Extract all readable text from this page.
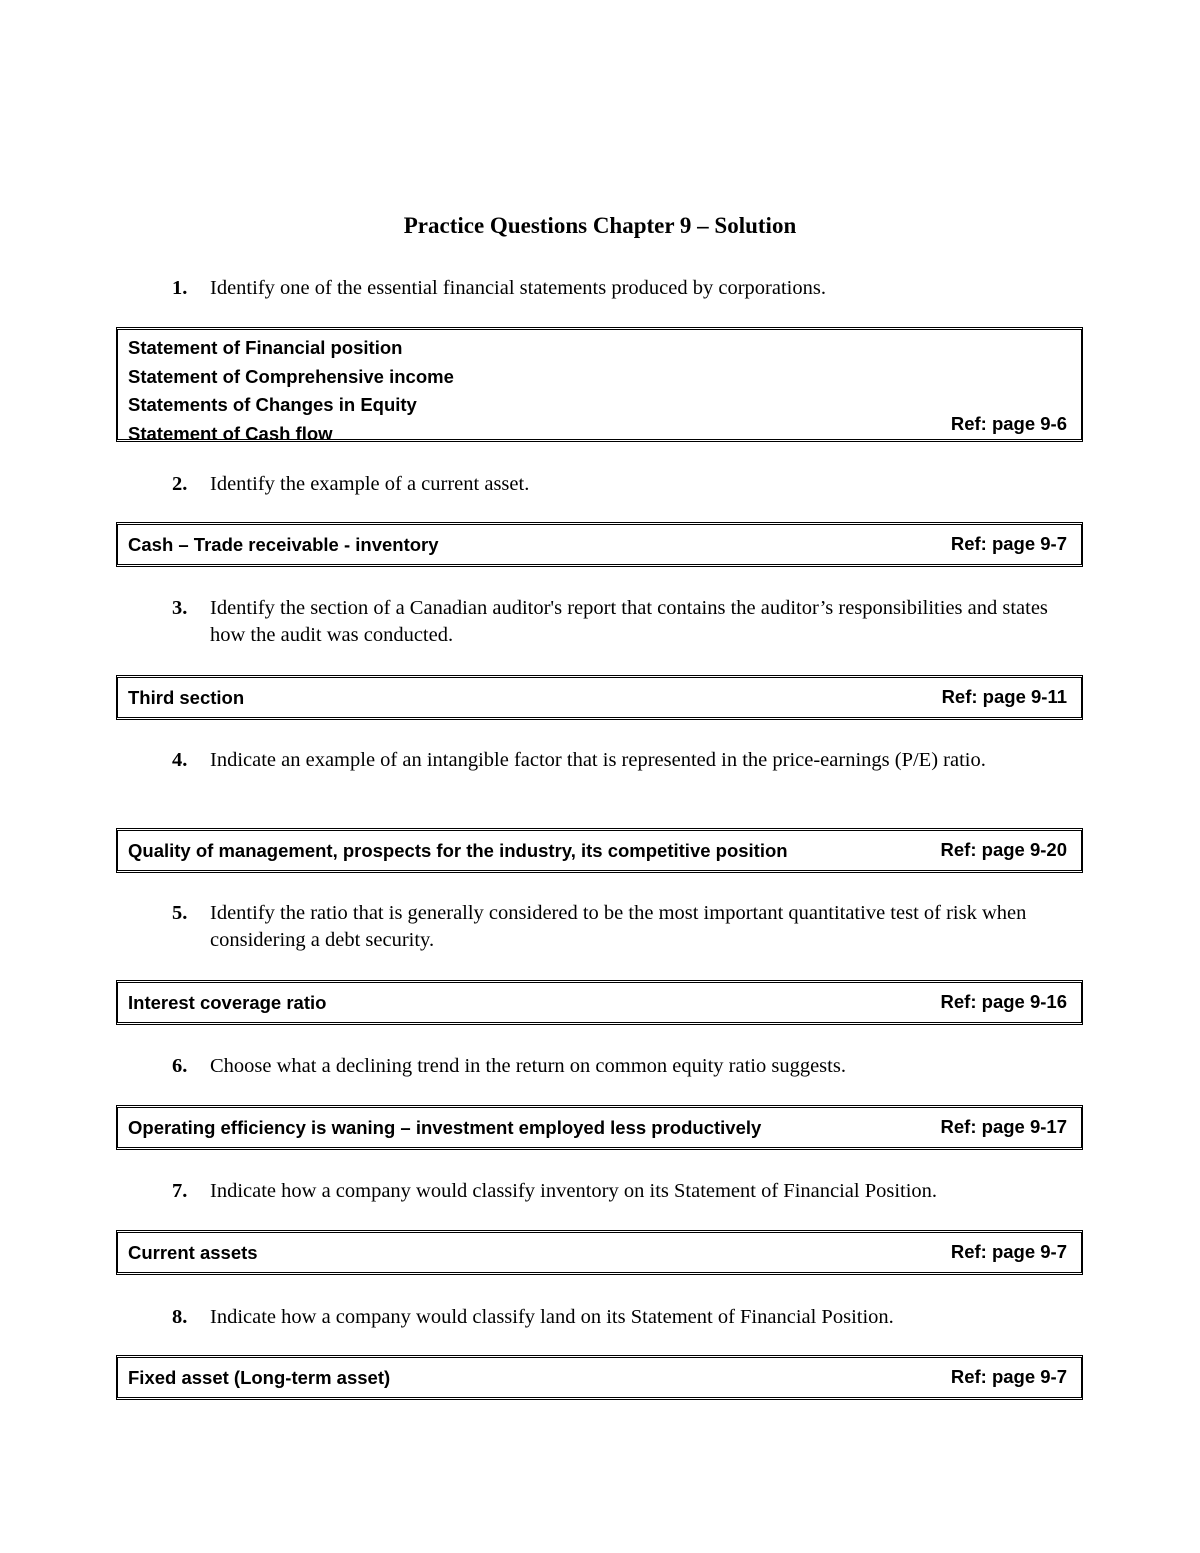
Practice Questions Chapter 9 – Solution
1.	Identify one of the essential financial statements produced by corporations.
Statement of Financial position
Statement of Comprehensive income
Statements of Changes in Equity
Statement of Cash flow	Ref: page 9-6
2.	Identify the example of a current asset.
Cash – Trade receivable - inventory	Ref: page 9-7
3.	Identify the section of a Canadian auditor's report that contains the auditor’s responsibilities and states how the audit was conducted.
Third section	Ref: page 9-11
4.	Indicate an example of an intangible factor that is represented in the price-earnings (P/E) ratio.
Quality of management, prospects for the industry, its competitive position	Ref: page 9-20
5.	Identify the ratio that is generally considered to be the most important quantitative test of risk when considering a debt security.
Interest coverage ratio	Ref: page 9-16
6.	Choose what a declining trend in the return on common equity ratio suggests.
Operating efficiency is waning – investment employed less productively	Ref: page 9-17
7.	Indicate how a company would classify inventory on its Statement of Financial Position.
Current assets	Ref: page 9-7
8.	Indicate how a company would classify land on its Statement of Financial Position.
Fixed asset (Long-term asset)	Ref: page 9-7
